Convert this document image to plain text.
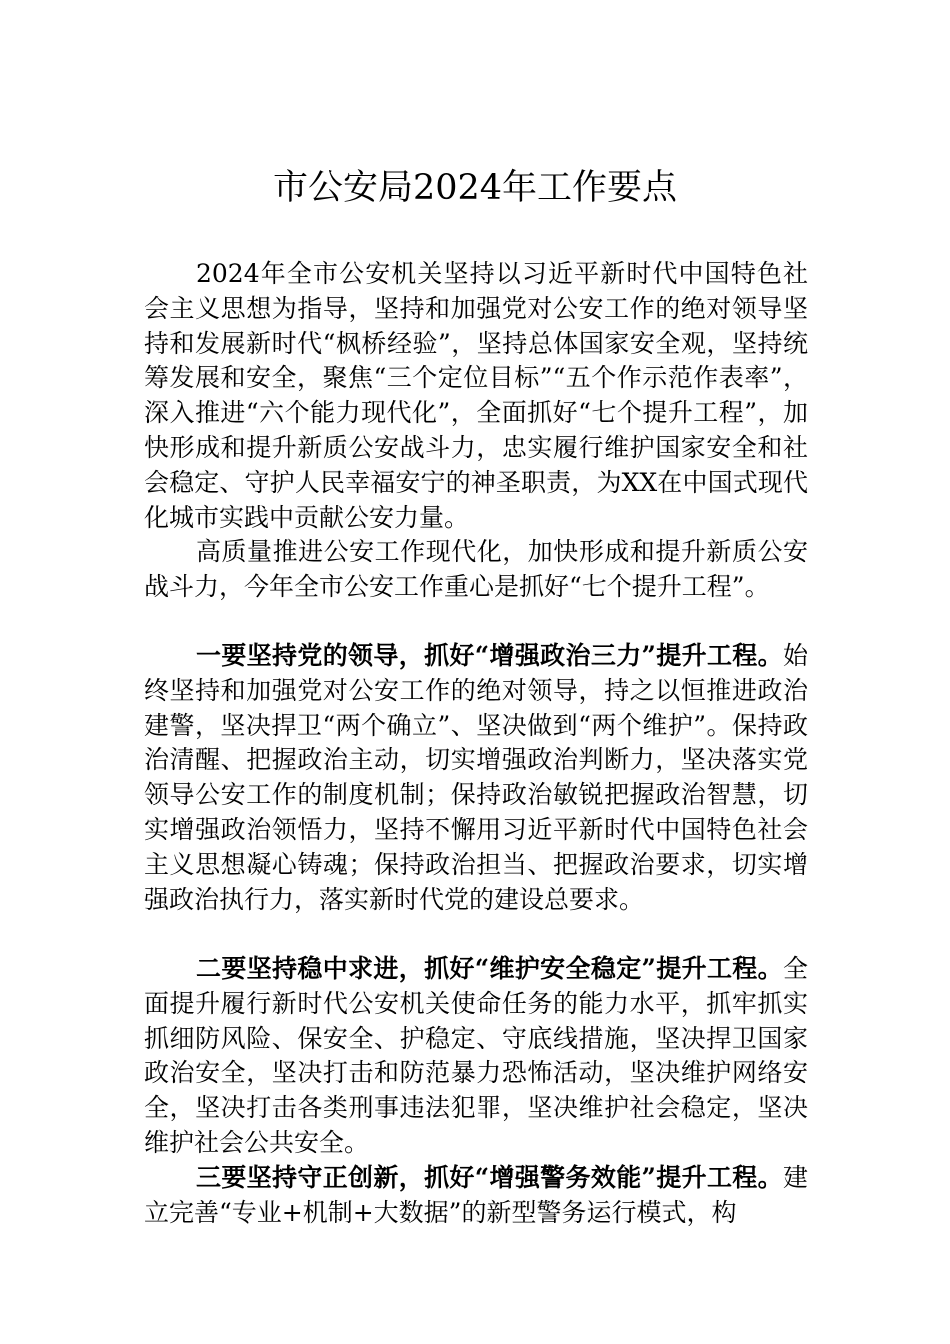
市公安局2024年工作要点

2024年全市公安机关坚持以习近平新时代中国特色社会主义思想为指导，坚持和加强党对公安工作的绝对领导坚持和发展新时代“枫桥经验”，坚持总体国家安全观，坚持统筹发展和安全，聚焦“三个定位目标”“五个作示范作表率”，深入推进“六个能力现代化”，全面抓好“七个提升工程”，加快形成和提升新质公安战斗力，忠实履行维护国家安全和社会稳定、守护人民幸福安宁的神圣职责，为XX在中国式现代化城市实践中贡献公安力量。

高质量推进公安工作现代化，加快形成和提升新质公安战斗力，今年全市公安工作重心是抓好“七个提升工程”。

一要坚持党的领导，抓好“增强政治三力”提升工程。始终坚持和加强党对公安工作的绝对领导，持之以恒推进政治建警，坚决捍卫“两个确立”、坚决做到“两个维护”。保持政治清醒、把握政治主动，切实增强政治判断力，坚决落实党领导公安工作的制度机制；保持政治敏锐把握政治智慧，切实增强政治领悟力，坚持不懈用习近平新时代中国特色社会主义思想凝心铸魂；保持政治担当、把握政治要求，切实增强政治执行力，落实新时代党的建设总要求。

二要坚持稳中求进，抓好“维护安全稳定”提升工程。全面提升履行新时代公安机关使命任务的能力水平，抓牢抓实抓细防风险、保安全、护稳定、守底线措施，坚决捍卫国家政治安全，坚决打击和防范暴力恐怖活动，坚决维护网络安全，坚决打击各类刑事违法犯罪，坚决维护社会稳定，坚决维护社会公共安全。

三要坚持守正创新，抓好“增强警务效能”提升工程。建立完善“专业+机制+大数据”的新型警务运行模式，构
